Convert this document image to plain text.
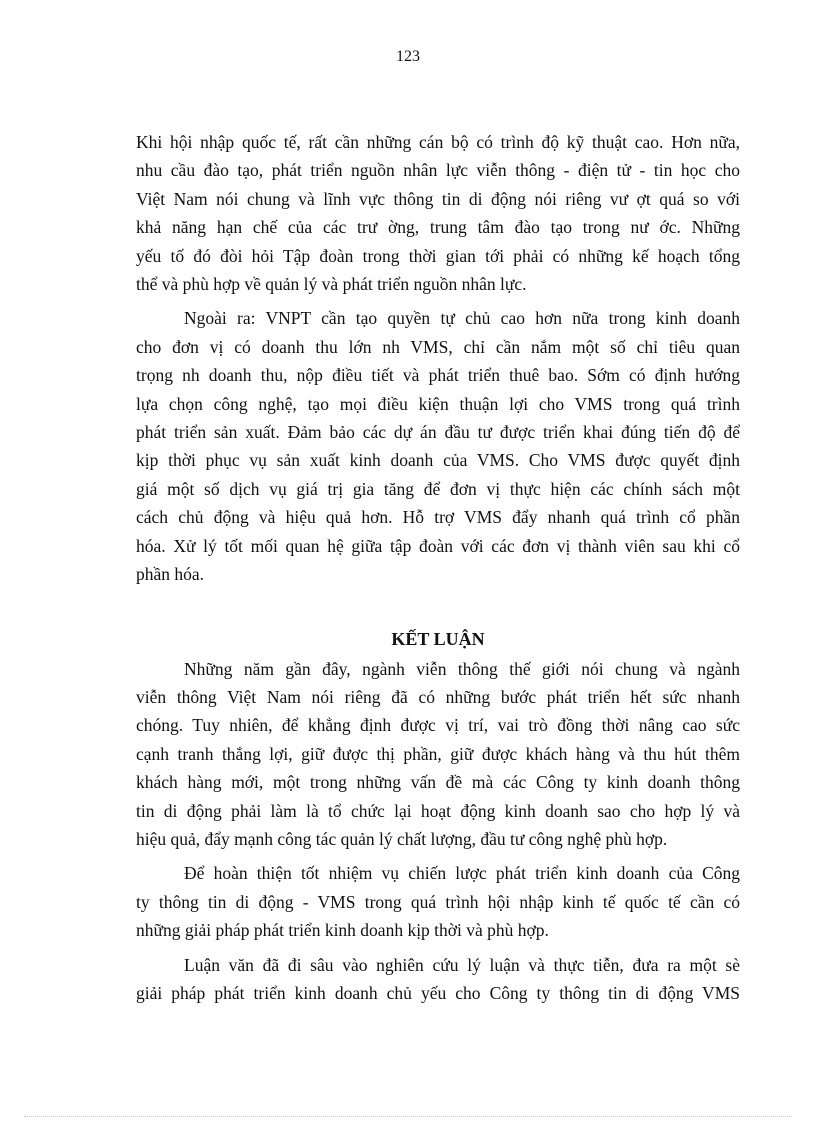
123
Khi hội nhập quốc tế, rất cần những cán bộ có trình độ kỹ thuật cao. Hơn nữa,
nhu cầu đào tạo, phát triển nguồn nhân lực viễn thông - điện tử - tin học cho
Việt Nam nói chung và lĩnh vực thông tin di động nói riêng vư ợt quá so với
khả năng hạn chế của các trư ờng, trung tâm đào tạo trong nư ớc. Những
yếu tố đó đòi hỏi Tập đoàn trong thời gian tới phải có những kế hoạch tổng
thể và phù hợp về quản lý và phát triển nguồn nhân lực.
Ngoài ra: VNPT cần tạo quyền tự chủ cao hơn nữa trong kinh doanh
cho đơn vị có doanh thu lớn nh VMS, chỉ cần nắm một số chỉ tiêu quan
trọng nh doanh thu, nộp điều tiết và phát triển thuê bao. Sớm có định hướng
lựa chọn công nghệ, tạo mọi điều kiện thuận lợi cho VMS trong quá trình
phát triển sản xuất. Đảm bảo các dự án đầu tư được triển khai đúng tiến độ để
kịp thời phục vụ sản xuất kinh doanh của VMS. Cho VMS được quyết định
giá một số dịch vụ giá trị gia tăng để đơn vị thực hiện các chính sách một
cách chủ động và hiệu quả hơn. Hỗ trợ VMS đẩy nhanh quá trình cổ phần
hóa. Xử lý tốt mối quan hệ giữa tập đoàn với các đơn vị thành viên sau khi cổ
phần hóa.
KẾT LUẬN
Những năm gần đây, ngành viễn thông thế giới nói chung và ngành
viễn thông Việt Nam nói riêng đã có những bước phát triển hết sức nhanh
chóng. Tuy nhiên, để khẳng định được vị trí, vai trò đồng thời nâng cao sức
cạnh tranh thắng lợi, giữ được thị phần, giữ được khách hàng và thu hút thêm
khách hàng mới, một trong những vấn đề mà các Công ty kinh doanh thông
tin di động phải làm là tổ chức lại hoạt động kinh doanh sao cho hợp lý và
hiệu quả, đẩy mạnh công tác quản lý chất lượng, đầu tư công nghệ phù hợp.
Để hoàn thiện tốt nhiệm vụ chiến lược phát triển kinh doanh của Công
ty thông tin di động - VMS trong quá trình hội nhập kinh tế quốc tế cần có
những giải pháp phát triển kinh doanh kịp thời và phù hợp.
Luận văn đã đi sâu vào nghiên cứu lý luận và thực tiễn, đưa ra một sè
giải pháp phát triển kinh doanh chủ yếu cho Công ty thông tin di động VMS
